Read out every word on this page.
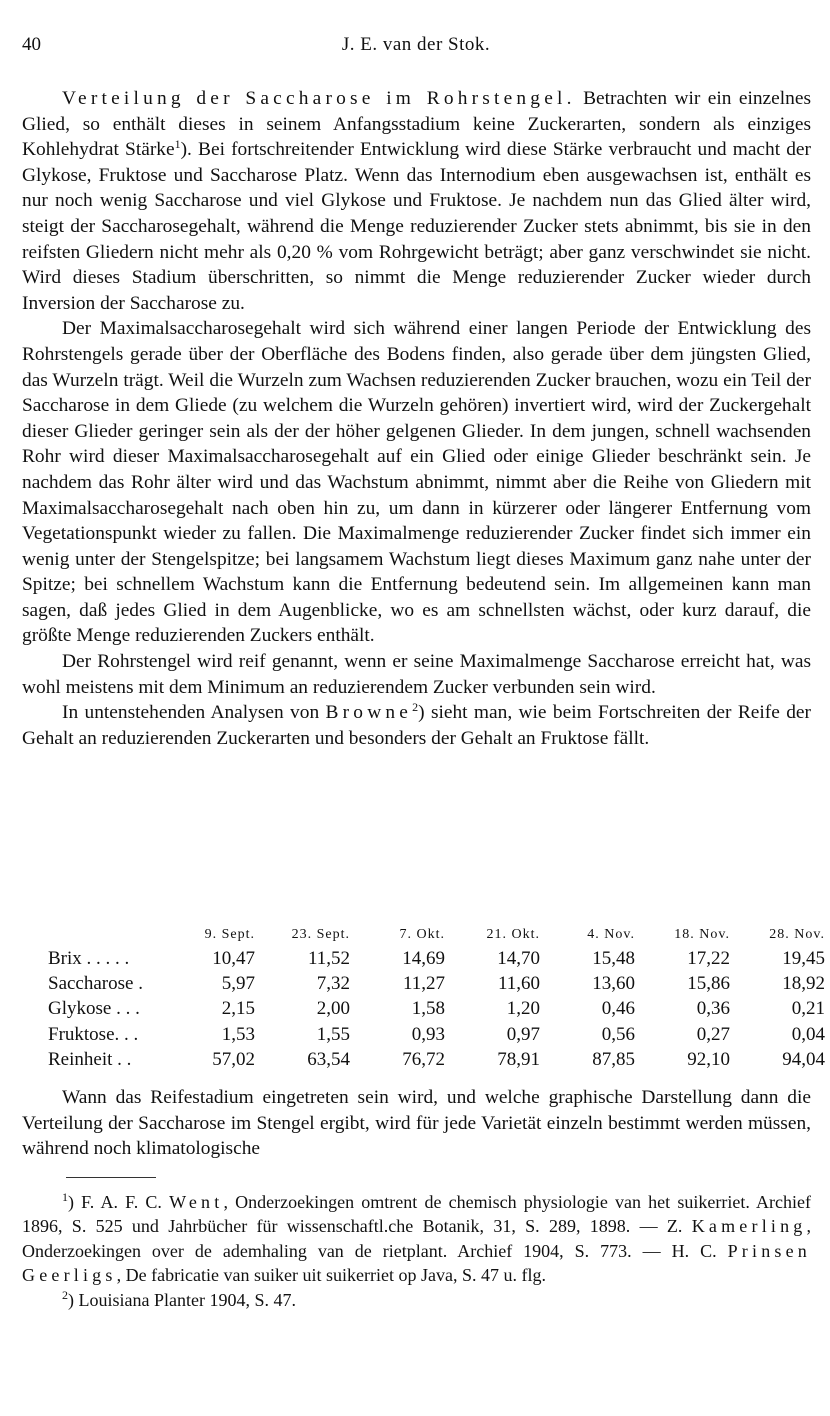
40	J. E. van der Stok.

Verteilung der Saccharose im Rohrstengel. Betrachten wir ein einzelnes Glied, so enthält dieses in seinem Anfangsstadium keine Zuckerarten, sondern als einziges Kohlehydrat Stärke$^1$). Bei fortschreitender Entwicklung wird diese Stärke verbraucht und macht der Glykose, Fruktose und Saccharose Platz. Wenn das Internodium eben ausgewachsen ist, enthält es nur noch wenig Saccharose und viel Glykose und Fruktose. Je nachdem nun das Glied älter wird, steigt der Saccharosegehalt, während die Menge reduzierender Zucker stets abnimmt, bis sie in den reifsten Gliedern nicht mehr als 0,20 % vom Rohrgewicht beträgt; aber ganz verschwindet sie nicht. Wird dieses Stadium überschritten, so nimmt die Menge reduzierender Zucker wieder durch Inversion der Saccharose zu.

Der Maximalsaccharosegehalt wird sich während einer langen Periode der Entwicklung des Rohrstengels gerade über der Oberfläche des Bodens finden, also gerade über dem jüngsten Glied, das Wurzeln trägt. Weil die Wurzeln zum Wachsen reduzierenden Zucker brauchen, wozu ein Teil der Saccharose in dem Gliede (zu welchem die Wurzeln gehören) invertiert wird, wird der Zuckergehalt dieser Glieder geringer sein als der der höher gelgenen Glieder. In dem jungen, schnell wachsenden Rohr wird dieser Maximalsaccharosegehalt auf ein Glied oder einige Glieder beschränkt sein. Je nachdem das Rohr älter wird und das Wachstum abnimmt, nimmt aber die Reihe von Gliedern mit Maximalsaccharosegehalt nach oben hin zu, um dann in kürzerer oder längerer Entfernung vom Vegetationspunkt wieder zu fallen. Die Maximalmenge reduzierender Zucker findet sich immer ein wenig unter der Stengelspitze; bei langsamem Wachstum liegt dieses Maximum ganz nahe unter der Spitze; bei schnellem Wachstum kann die Entfernung bedeutend sein. Im allgemeinen kann man sagen, daß jedes Glied in dem Augenblicke, wo es am schnellsten wächst, oder kurz darauf, die größte Menge reduzierenden Zuckers enthält.

Der Rohrstengel wird reif genannt, wenn er seine Maximalmenge Saccharose erreicht hat, was wohl meistens mit dem Minimum an reduzierendem Zucker verbunden sein wird.

In untenstehenden Analysen von Browne$^2$) sieht man, wie beim Fortschreiten der Reife der Gehalt an reduzierenden Zuckerarten und besonders der Gehalt an Fruktose fällt.

	9. Sept.	23. Sept.	7. Okt.	21. Okt.	4. Nov.	18. Nov.	28. Nov.
Brix . . . . .	10,47	11,52	14,69	14,70	15,48	17,22	19,45
Saccharose .	5,97	7,32	11,27	11,60	13,60	15,86	18,92
Glykose . . .	2,15	2,00	1,58	1,20	0,46	0,36	0,21
Fruktose. . .	1,53	1,55	0,93	0,97	0,56	0,27	0,04
Reinheit . .	57,02	63,54	76,72	78,91	87,85	92,10	94,04

Wann das Reifestadium eingetreten sein wird, und welche graphische Darstellung dann die Verteilung der Saccharose im Stengel ergibt, wird für jede Varietät einzeln bestimmt werden müssen, während noch klimatologische

$^1$) F. A. F. C. Went, Onderzoekingen omtrent de chemisch physiologie van het suikerriet. Archief 1896, S. 525 und Jahrbücher für wissenschaftl.che Botanik, 31, S. 289, 1898. — Z. Kamerling, Onderzoekingen over de ademhaling van de rietplant. Archief 1904, S. 773. — H. C. Prinsen Geerligs, De fabricatie van suiker uit suikerriet op Java, S. 47 u. flg.

$^2$) Louisiana Planter 1904, S. 47.
